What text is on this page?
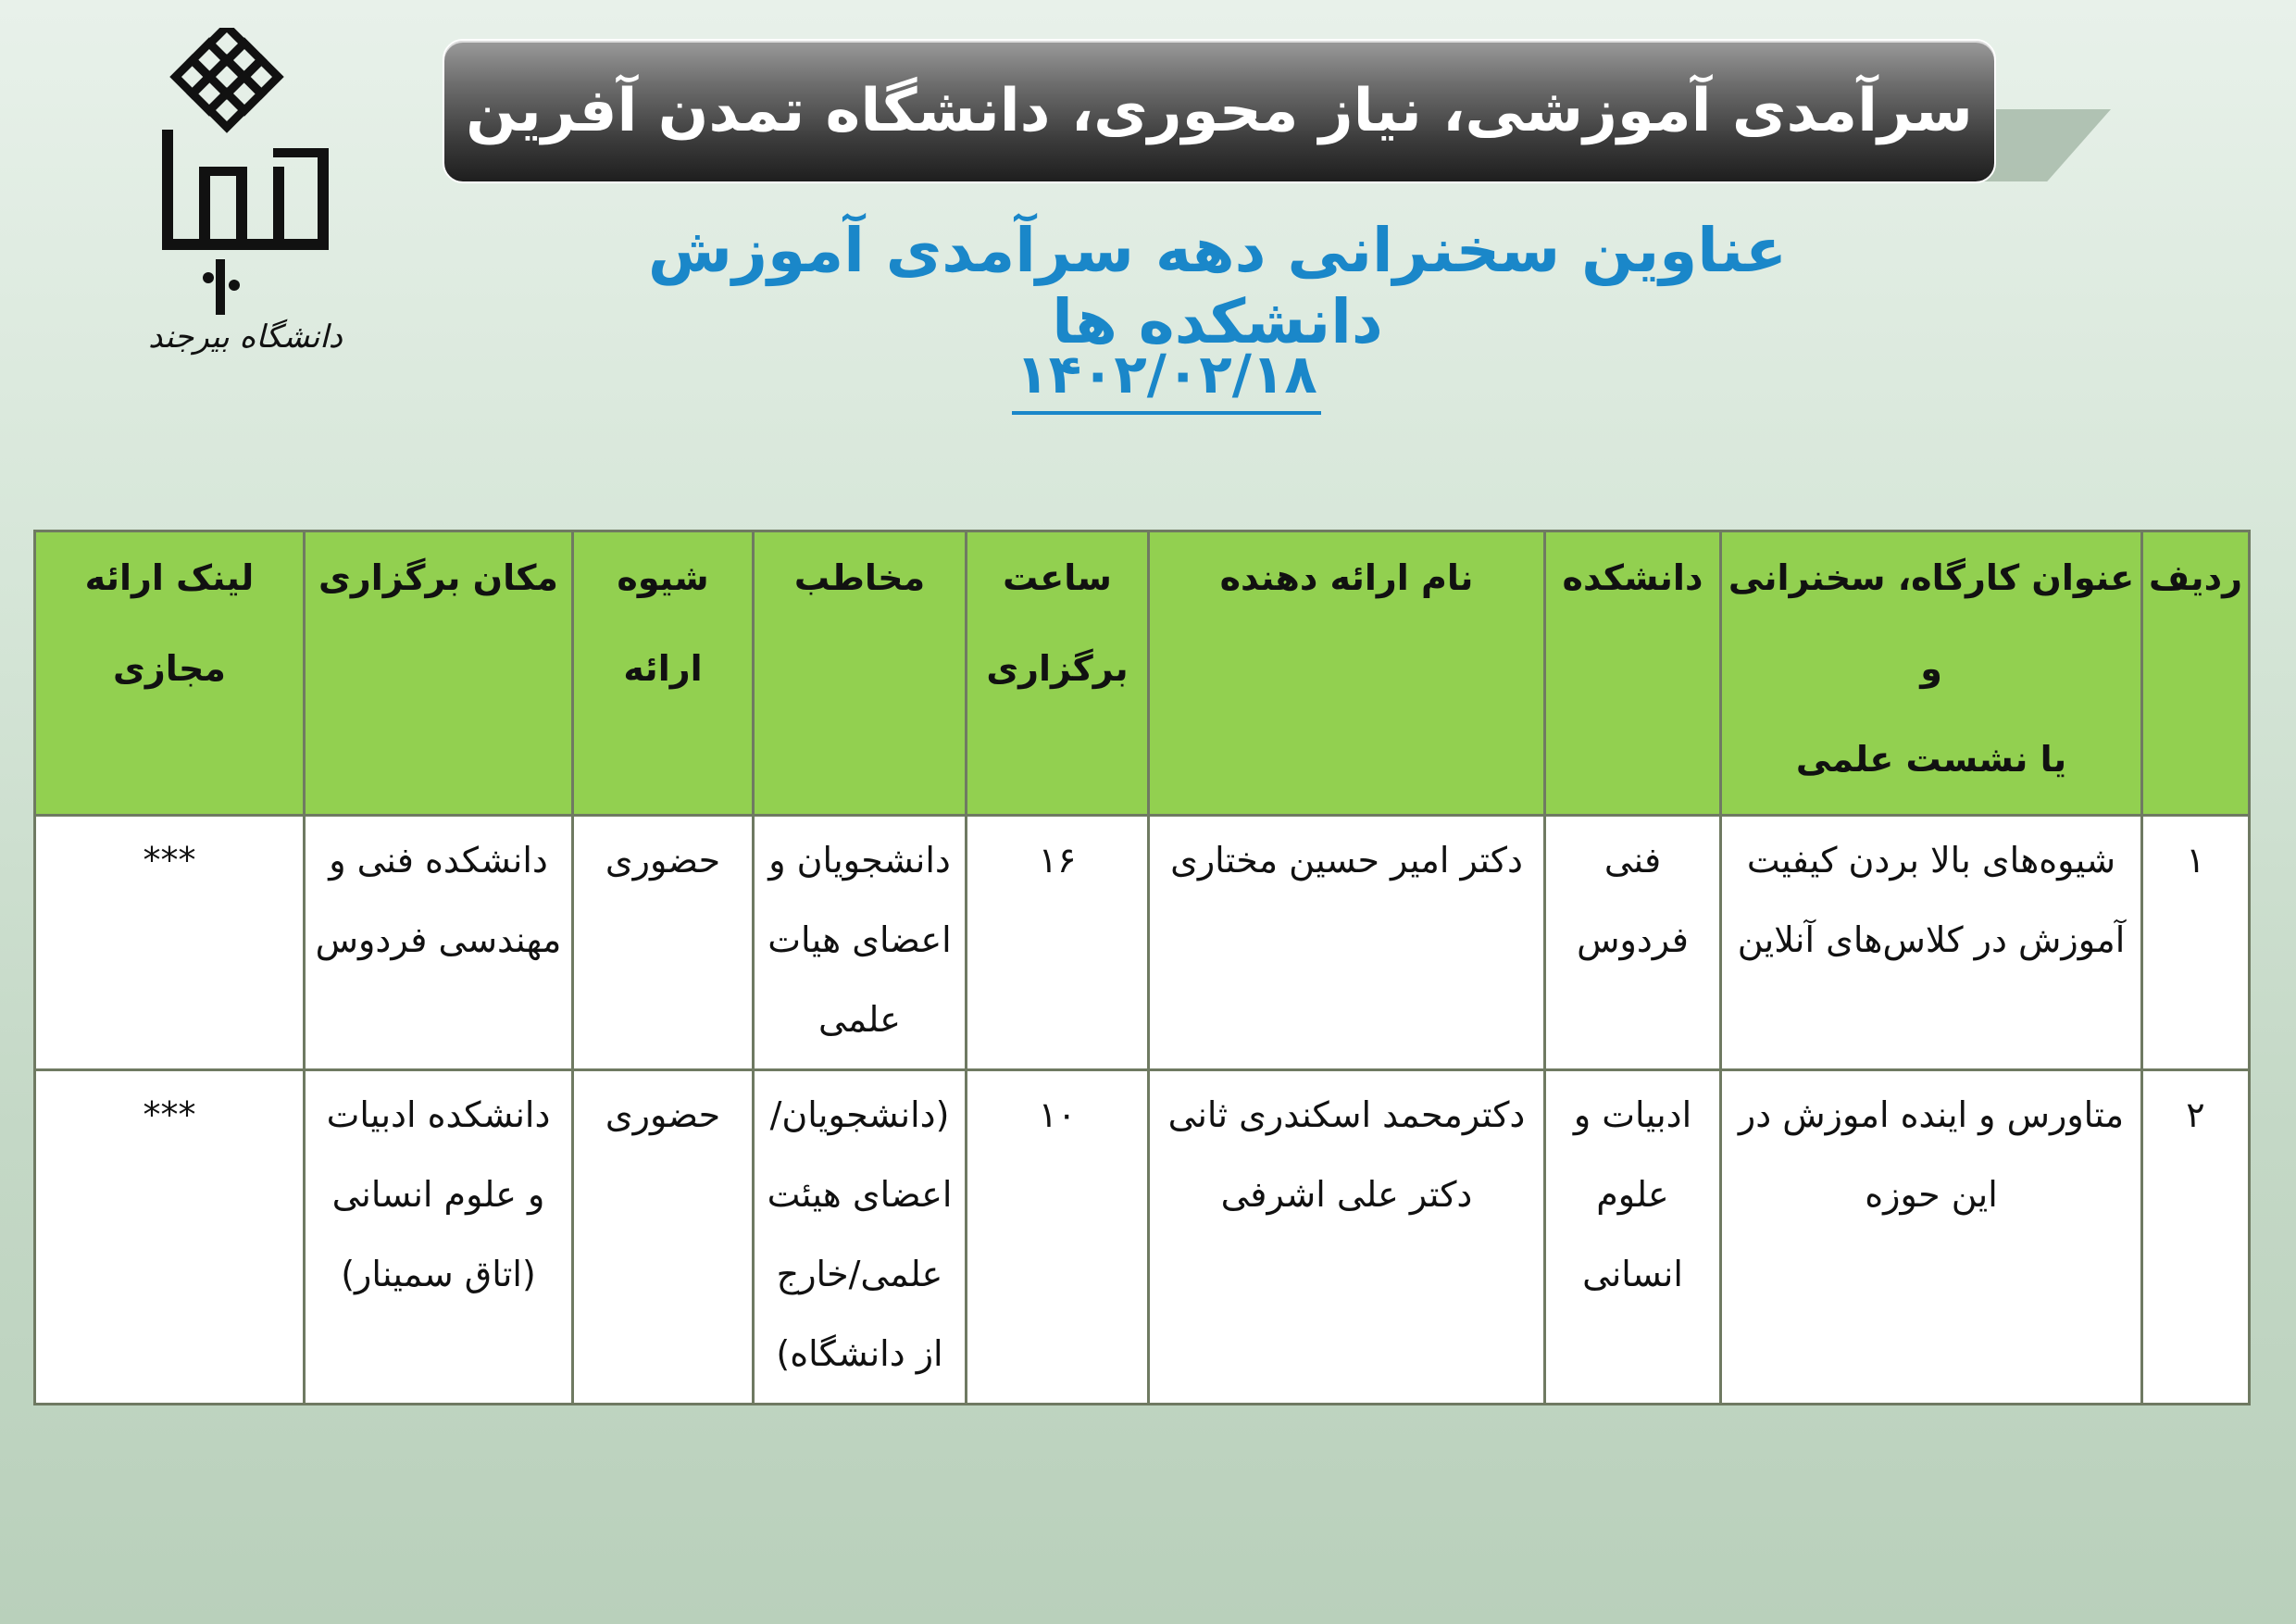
دانشگاه بیرجند
سرآمدی آموزشی، نیاز محوری، دانشگاه تمدن آفرین
عناوین سخنرانی دهه سرآمدی آموزش دانشکده ها
۱۴۰۲/۰۲/۱۸
ردیف	عنوان کارگاه، سخنرانی و
یا نشست علمی	دانشکده	نام ارائه دهنده	ساعت
برگزاری	مخاطب	شیوه ارائه	مکان برگزاری	لینک ارائه
مجازی

۱	شیوه‌های بالا بردن کیفیت
آموزش در کلاس‌های آنلاین	فنی
فردوس	دکتر امیر حسین مختاری	۱۶	دانشجویان و
اعضای هیات
علمی	حضوری	دانشکده فنی و
مهندسی فردوس	***

۲	متاورس و اینده اموزش در
این حوزه	ادبیات و
علوم
انسانی	دکترمحمد اسکندری ثانی
دکتر علی اشرفی	۱۰	(دانشجویان/
اعضای هیئت
علمی/خارج
از دانشگاه)	حضوری	دانشکده ادبیات
و علوم انسانی
(اتاق سمینار)	***
